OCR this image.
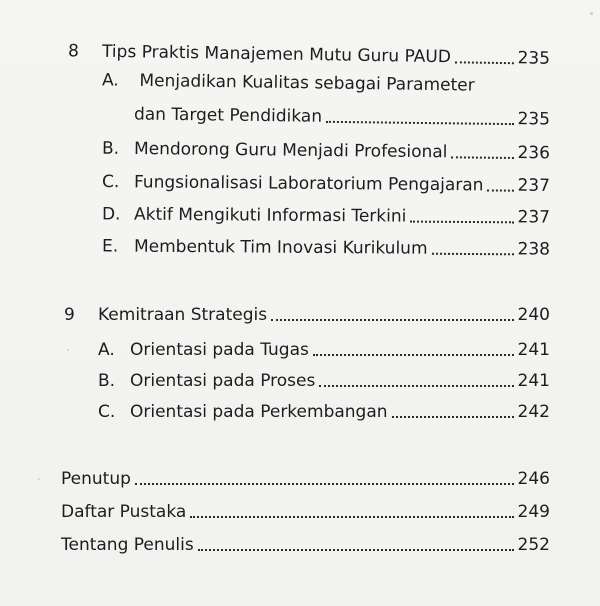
8	Tips Praktis Manajemen Mutu Guru PAUD	235
A. Menjadikan Kualitas sebagai Parameter
dan Target Pendidikan	235
B. Mendorong Guru Menjadi Profesional	236
C. Fungsionalisasi Laboratorium Pengajaran 237
D. Aktif Mengikuti Informasi Terkini	237
E. Membentuk Tim Inovasi Kurikulum	238
9	Kemitraan Strategis	240
A. Orientasi pada Tugas	241
B. Orientasi pada Proses	241
C. Orientasi pada Perkembangan	242
Penutup	246
Daftar Pustaka	249
Tentang Penulis	252
